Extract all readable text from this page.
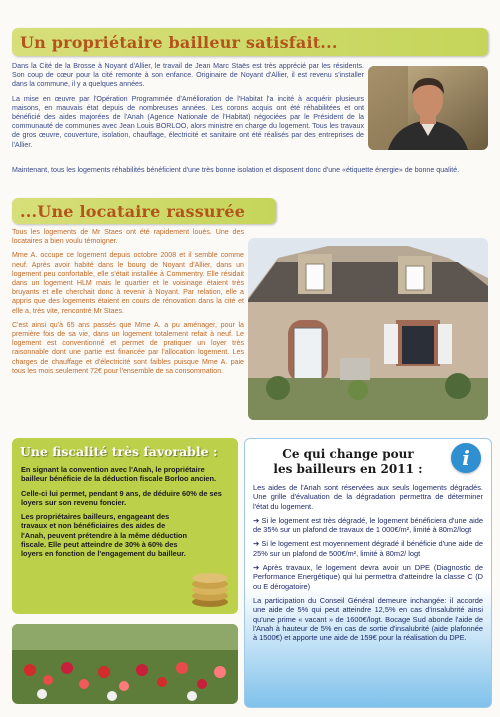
Un propriétaire bailleur satisfait...

Dans la Cité de la Brosse à Noyant d'Allier, le travail de Jean Marc Staës est très apprécié par les résidents. Son coup de cœur pour la cité remonte à son enfance. Originaire de Noyant d'Allier, il est revenu s'installer dans la commune, il y a quelques années.

La mise en œuvre par l'Opération Programmée d'Amélioration de l'Habitat l'a incité à acquérir plusieurs maisons, en mauvais état depuis de nombreuses années. Les corons acquis ont été réhabilitées et ont bénéficié des aides majorées de l'Anah (Agence Nationale de l'Habitat) négociées par le Président de la communauté de communes avec Jean Louis BORLOO, alors ministre en charge du logement. Tous les travaux de gros œuvre, couverture, isolation, chauffage, électricité et sanitaire ont été réalisés par des entreprises de l'Allier.

Maintenant, tous les logements réhabilités bénéficient d'une très bonne isolation et disposent donc d'une «étiquette énergie» de bonne qualité.

...Une locataire rassurée

Tous les logements de Mr Staes ont été rapidement loués. Une des locataires a bien voulu témoigner.

Mme A. occupe ce logement depuis octobre 2008 et il semble comme neuf. Après avoir habité dans le bourg de Noyant d'Allier, dans un logement peu confortable, elle s'était installée à Commentry. Elle résidait dans un logement HLM mais le quartier et le voisinage étaient très bruyants et elle cherchait donc à revenir à Noyant. Par relation, elle a appris que des logements étaient en cours de rénovation dans la cité et elle a, très vite, rencontré Mr Staes.

C'est ainsi qu'à 65 ans passés que Mme A. a pu aménager, pour la première fois de sa vie, dans un logement totalement refait à neuf. Le logement est conventionné et permet de pratiquer un loyer très raisonnable dont une partie est financée par l'allocation logement. Les charges de chauffage et d'électricité sont faibles puisque Mme A. paie tous les mois seulement 72€ pour l'ensemble de sa consommation.

Une fiscalité très favorable :

En signant la convention avec l'Anah, le propriétaire bailleur bénéficie de la déduction fiscale Borloo ancien.

Celle-ci lui permet, pendant 9 ans, de déduire 60% de ses loyers sur son revenu foncier.

Les propriétaires bailleurs, engageant des travaux et non bénéficiaires des aides de l'Anah, peuvent prétendre à la même déduction fiscale. Elle peut atteindre de 30% à 60% des loyers en fonction de l'engagement du bailleur.

Ce qui change pour
les bailleurs en 2011 :	i

Les aides de l'Anah sont réservées aux seuls logements dégradés. Une grille d'évaluation de la dégradation permettra de déterminer l'état du logement.

➔ Si le logement est très dégradé, le logement bénéficiera d'une aide de 35% sur un plafond de travaux de 1 000€/m², limité à 80m2/logt

➔ Si le logement est moyennement dégradé il bénéficie d'une aide de 25% sur un plafond de 500€/m², limité à 80m2/ logt

➔ Après travaux, le logement devra avoir un DPE (Diagnostic de Performance Energétique) qui lui permettra d'atteindre la classe C (D ou E dérogatoire)

La participation du Conseil Général demeure inchangée: il accorde une aide de 5% qui peut atteindre 12,5% en cas d'insalubrité ainsi qu'une prime « vacant » de 1600€/logt. Bocage Sud abonde l'aide de l'Anah à hauteur de 5% en cas de sortie d'insalubrité (aide plafonnée à 1500€) et apporte une aide de 159€ pour la réalisation du DPE.
